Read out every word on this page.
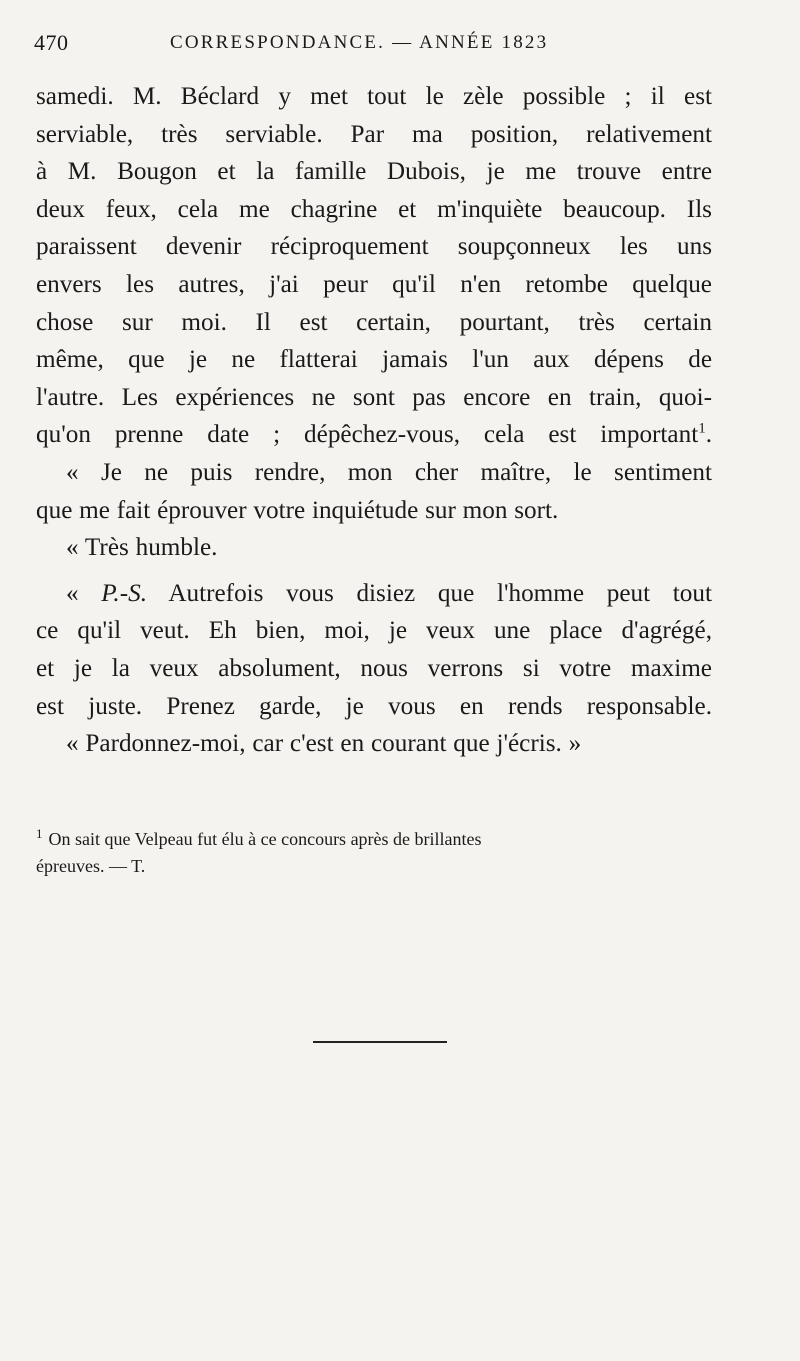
470	CORRESPONDANCE. — ANNÉE 1823
samedi. M. Béclard y met tout le zèle possible ; il est
serviable, très serviable. Par ma position, relativement
à M. Bougon et la famille Dubois, je me trouve entre
deux feux, cela me chagrine et m'inquiète beaucoup. Ils
paraissent devenir réciproquement soupçonneux les uns
envers les autres, j'ai peur qu'il n'en retombe quelque
chose sur moi. Il est certain, pourtant, très certain
même, que je ne flatterai jamais l'un aux dépens de
l'autre. Les expériences ne sont pas encore en train, quoi-
qu'on prenne date ; dépêchez-vous, cela est important$^1$.
« Je ne puis rendre, mon cher maître, le sentiment
que me fait éprouver votre inquiétude sur mon sort.
« Très humble.
« P.-S. Autrefois vous disiez que l'homme peut tout
ce qu'il veut. Eh bien, moi, je veux une place d'agrégé,
et je la veux absolument, nous verrons si votre maxime
est juste. Prenez garde, je vous en rends responsable.
« Pardonnez-moi, car c'est en courant que j'écris. »
$^1$ On sait que Velpeau fut élu à ce concours après de brillantes
épreuves. — T.
